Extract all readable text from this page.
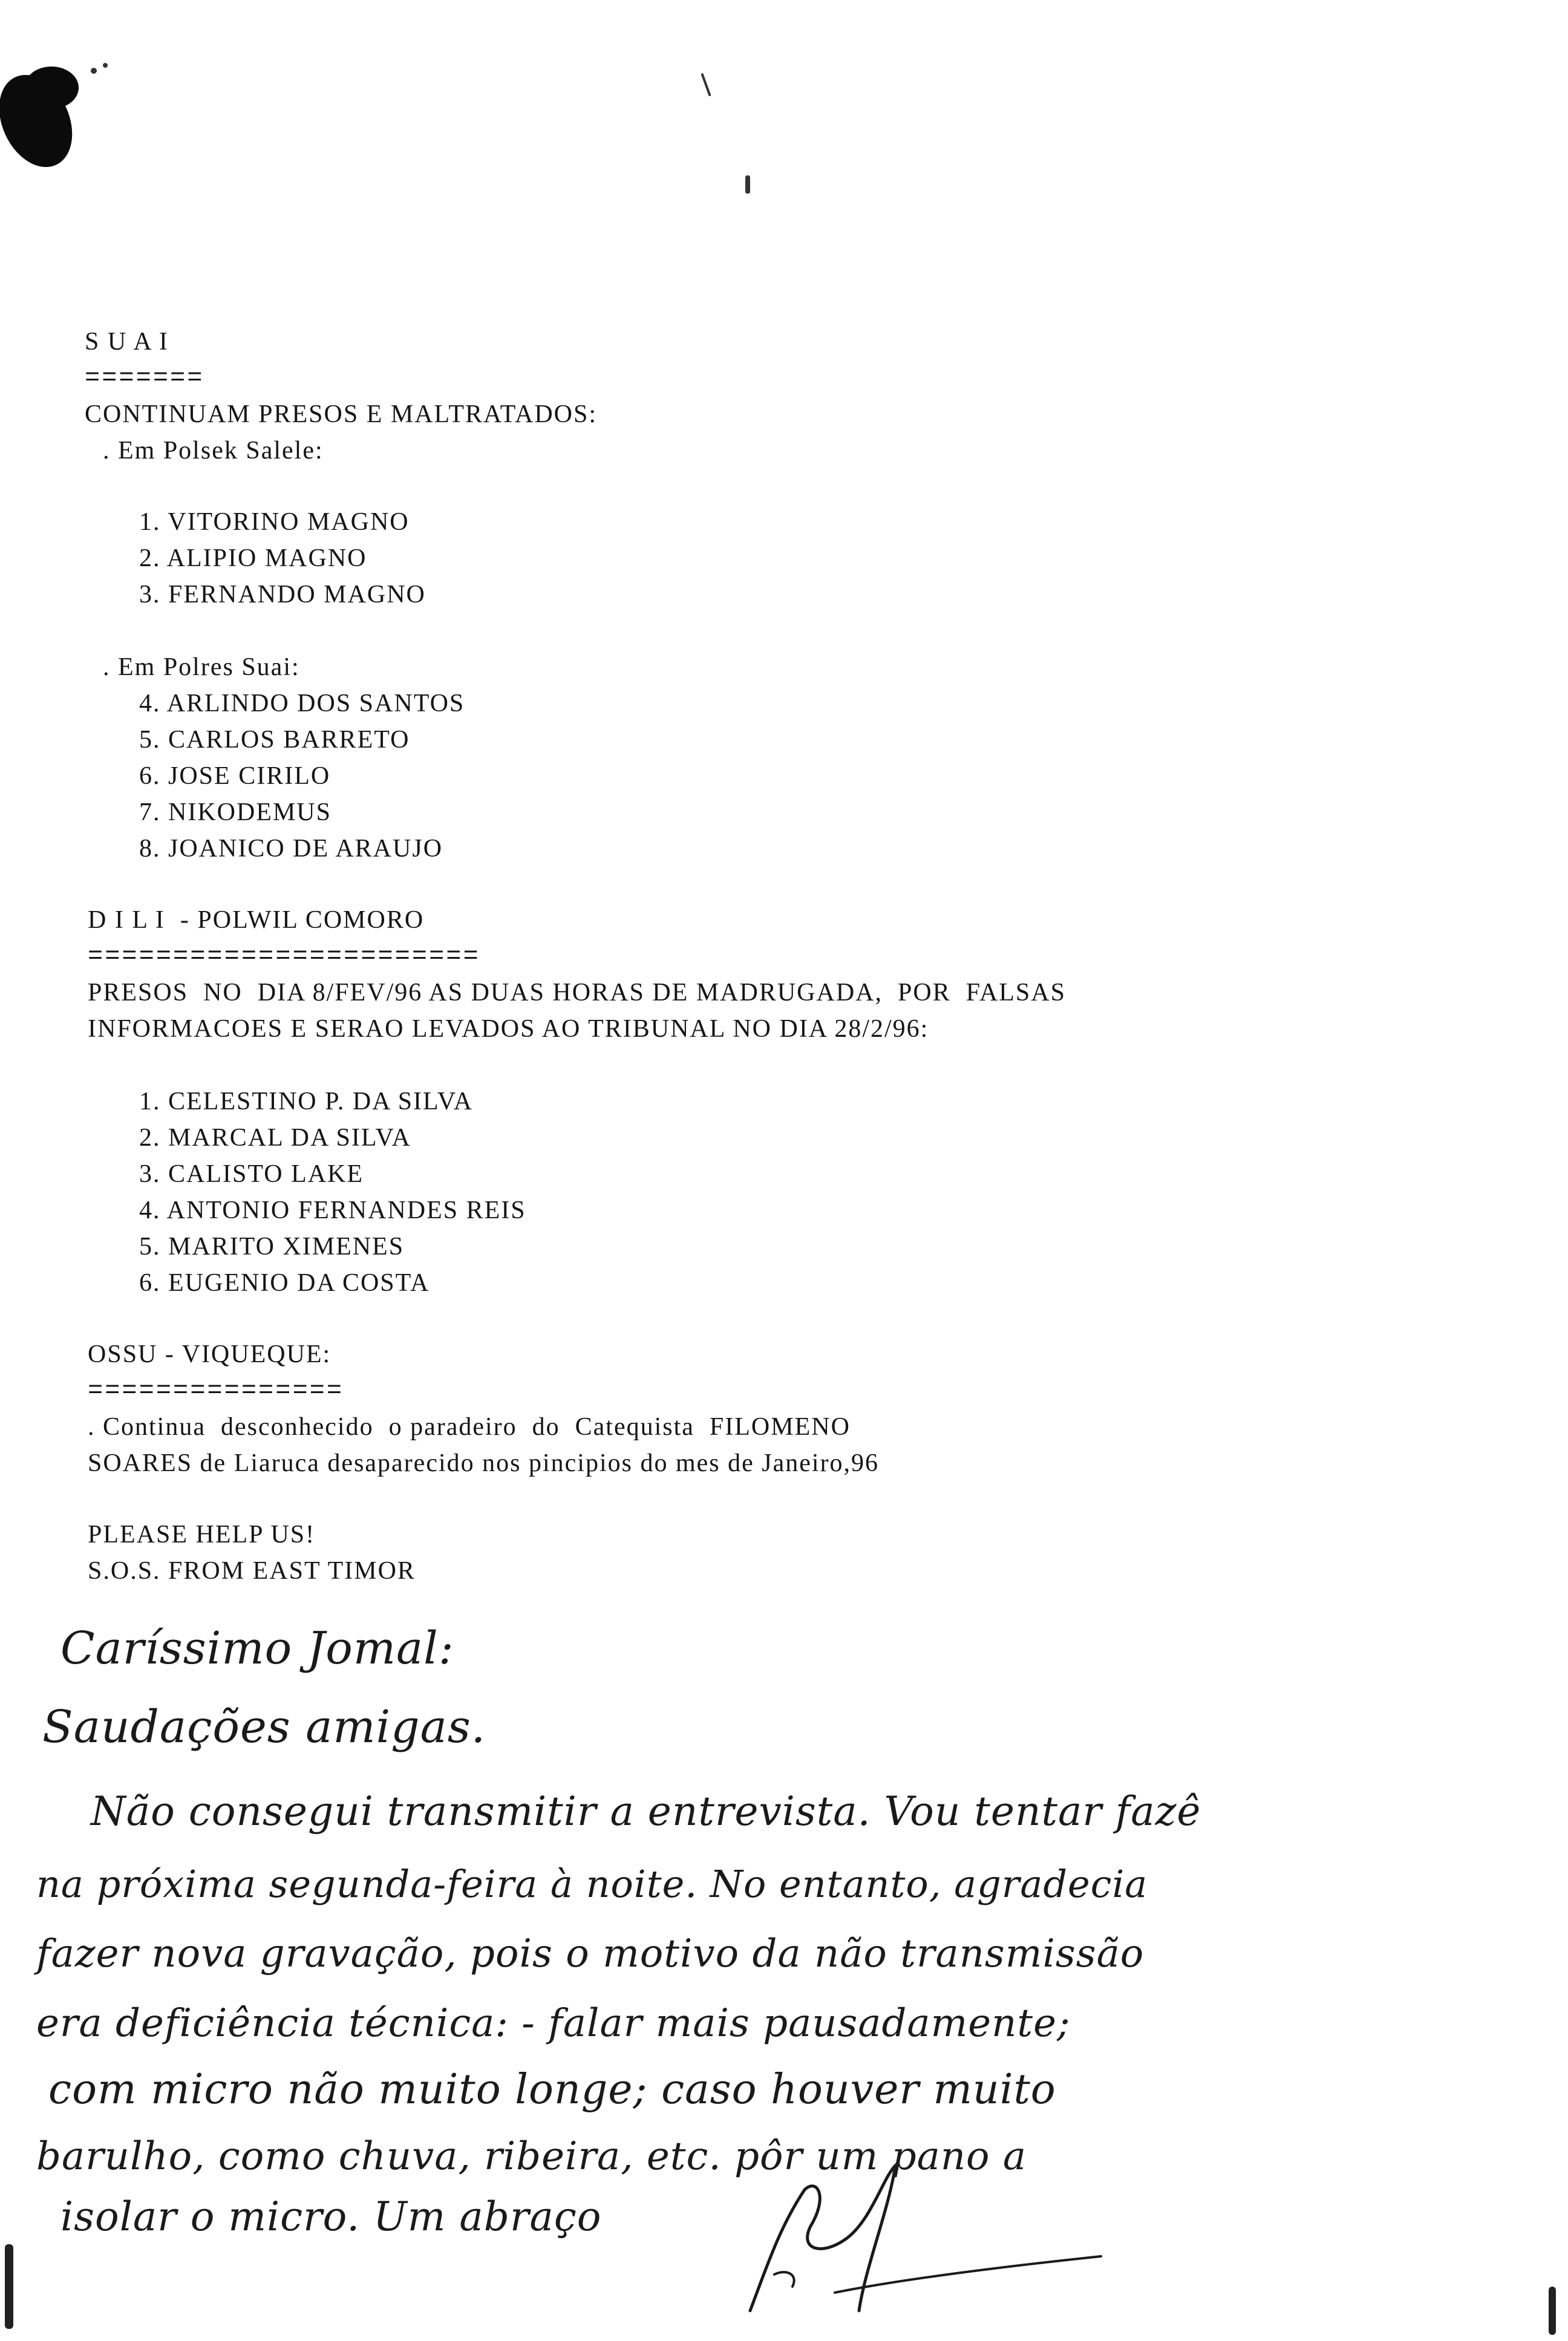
S U A I
=======
CONTINUAM PRESOS E MALTRATADOS:
. Em Polsek Salele:
1. VITORINO MAGNO
2. ALIPIO MAGNO
3. FERNANDO MAGNO
. Em Polres Suai:
4. ARLINDO DOS SANTOS
5. CARLOS BARRETO
6. JOSE CIRILO
7. NIKODEMUS
8. JOANICO DE ARAUJO
D I L I  - POLWIL COMORO
=======================
PRESOS  NO  DIA 8/FEV/96 AS DUAS HORAS DE MADRUGADA,  POR  FALSAS
INFORMACOES E SERAO LEVADOS AO TRIBUNAL NO DIA 28/2/96:
1. CELESTINO P. DA SILVA
2. MARCAL DA SILVA
3. CALISTO LAKE
4. ANTONIO FERNANDES REIS
5. MARITO XIMENES
6. EUGENIO DA COSTA
OSSU - VIQUEQUE:
===============
. Continua  desconhecido  o paradeiro  do  Catequista  FILOMENO
SOARES de Liaruca desaparecido nos pincipios do mes de Janeiro,96
PLEASE HELP US!
S.O.S. FROM EAST TIMOR
Caríssimo Jomal:
Saudações amigas.
Não consegui transmitir a entrevista. Vou tentar fazê
na próxima segunda-feira à noite. No entanto, agradecia
fazer nova gravação, pois o motivo da não transmissão
era deficiência técnica: - falar mais pausadamente;
com micro não muito longe; caso houver muito
barulho, como chuva, ribeira, etc. pôr um pano a
isolar o micro. Um abraço
